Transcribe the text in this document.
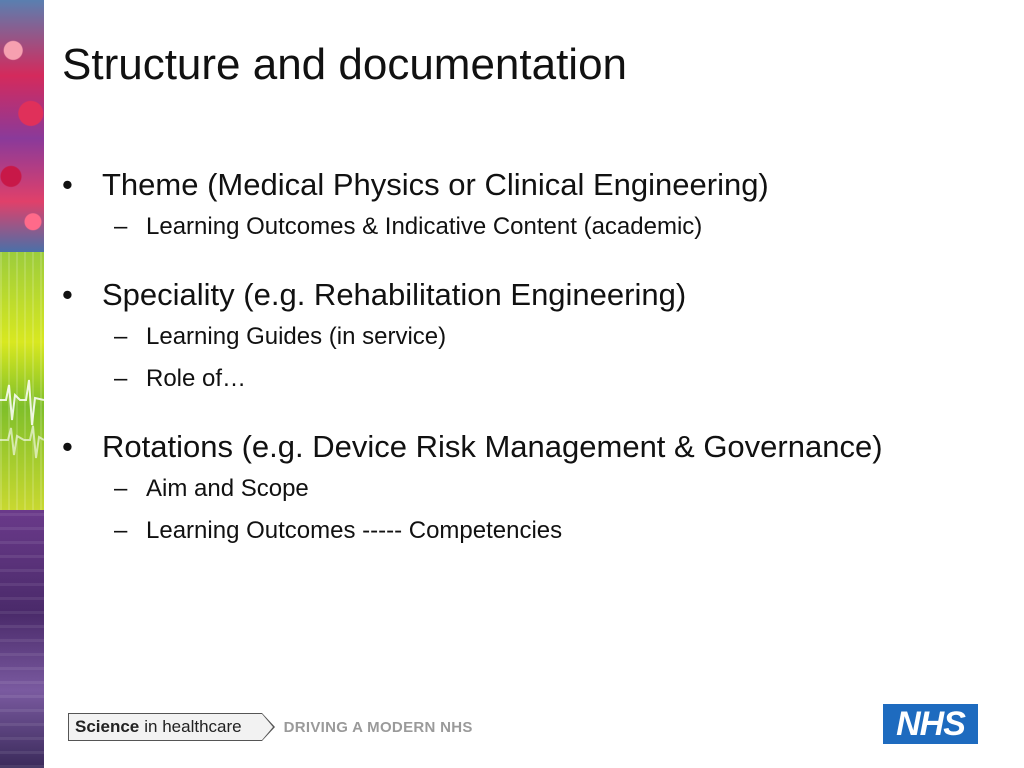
Structure and documentation
• Theme (Medical Physics or Clinical Engineering)
– Learning Outcomes & Indicative Content (academic)
• Speciality (e.g. Rehabilitation Engineering)
– Learning Guides (in service)
– Role of…
• Rotations (e.g. Device Risk Management & Governance)
– Aim and Scope
– Learning Outcomes ----- Competencies
Science in healthcare	DRIVING A MODERN NHS	NHS
